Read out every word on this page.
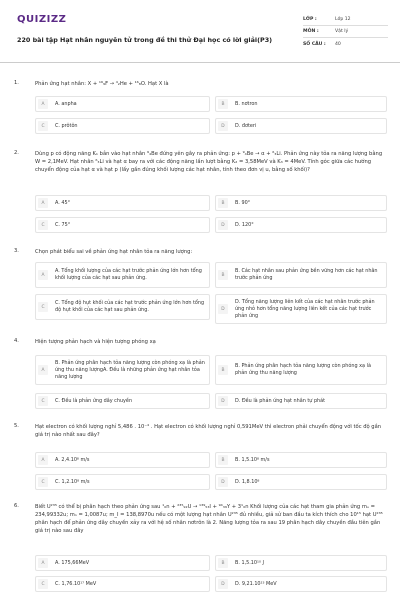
QUIZIZZ
220 bài tập Hạt nhân nguyên tử trong đề thi thử Đại học có lời giải(P3)
LỚP :	Lớp 12
MÔN :	Vật lý
SỐ CÂU :	40
1.	Phản ứng hạt nhân: X + ¹⁹₉F → ⁴₂He + ¹⁶₈O. Hạt X là
A	A. anpha	B	B. nơtron
C	C. prôtôn	D	D. đơteri
2.	Dùng p có động năng K₁ bắn vào hạt nhân ⁹₄Be đứng yên gây ra phản ứng: p + ⁹₄Be → α + ⁶₃Li. Phản ứng này tỏa ra năng lượng bằng W = 2,1MeV. Hạt nhân ⁶₃Li và hạt α bay ra với các động năng lần lượt bằng K₂ = 3,58MeV và K₃ = 4MeV. Tính góc giữa các hướng chuyển động của hạt α và hạt p (lấy gần đúng khối lượng các hạt nhân, tính theo đơn vị u, bằng số khối)?
A	A. 45°	B	B. 90°
C	C. 75°	D	D. 120°
3.	Chọn phát biểu sai về phản ứng hạt nhân tỏa ra năng lượng:
A
A. Tổng khối lượng của các hạt trước phản ứng lớn hơn tổng khối lượng của các hạt sau phản ứng.	B
B. Các hạt nhân sau phản ứng bền vững hơn các hạt nhân trước phản ứng
C
C. Tổng độ hụt khối của các hạt trước phản ứng lớn hơn tổng độ hụt khối của các hạt sau phản ứng.	D
D. Tổng năng lượng liên kết của các hạt nhân trước phản ứng nhỏ hơn tổng năng lượng liên kết của các hạt trước phản ứng
4.	Hiện tượng phản hạch và hiện tượng phóng xạ
A
B. Phản ứng phân hạch tỏa năng lượng còn phóng xạ là phản ứng thu năng lượngA. Đều là những phản ứng hạt nhân tỏa năng lượng
B
B. Phản ứng phân hạch tỏa năng lượng còn phóng xạ là phản ứng thu năng lượng
C	C. Đều là phản ứng dây chuyền	D	D. Đều là phản ứng hạt nhân tự phát
5.	Hạt electron có khối lượng nghỉ 5,486 . 10⁻⁴ . Hạt electron có khối lượng nghỉ 0,591MeV thì electron phải chuyển động với tốc độ gần giá trị nào nhất sau đây?
A	A. 2,4.10⁸ m/s	B	B. 1,5.10⁸ m/s
C	C. 1,2.10⁸ m/s	D	D. 1,8.10⁸
6.	Biết U²³⁵ có thể bị phân hạch theo phản ứng sau ¹₀n + ²³⁵₉₂U → ¹³⁹₅₃I + ⁹⁴₃₉Y + 3¹₀n Khối lượng của các hạt tham gia phản ứng mᵤ = 234,99332u; mₙ = 1,0087u; m_I = 138,8970u nếu có một lượng hạt nhân U²³⁵ đủ nhiều, giả sử ban đầu ta kích thích cho 10¹⁵ hạt U²³⁵ phân hạch để phản ứng dây chuyền xảy ra với hệ số nhân nơtrôn là 2. Năng lượng tỏa ra sau 19 phân hạch dây chuyền đầu tiên gần giá trị nào sau đây
A	A. 175,66MeV	B	B. 1,5.10¹⁰ J
C	C. 1,76.10¹⁷ MeV	D	D. 9,21.10²³ MeV
